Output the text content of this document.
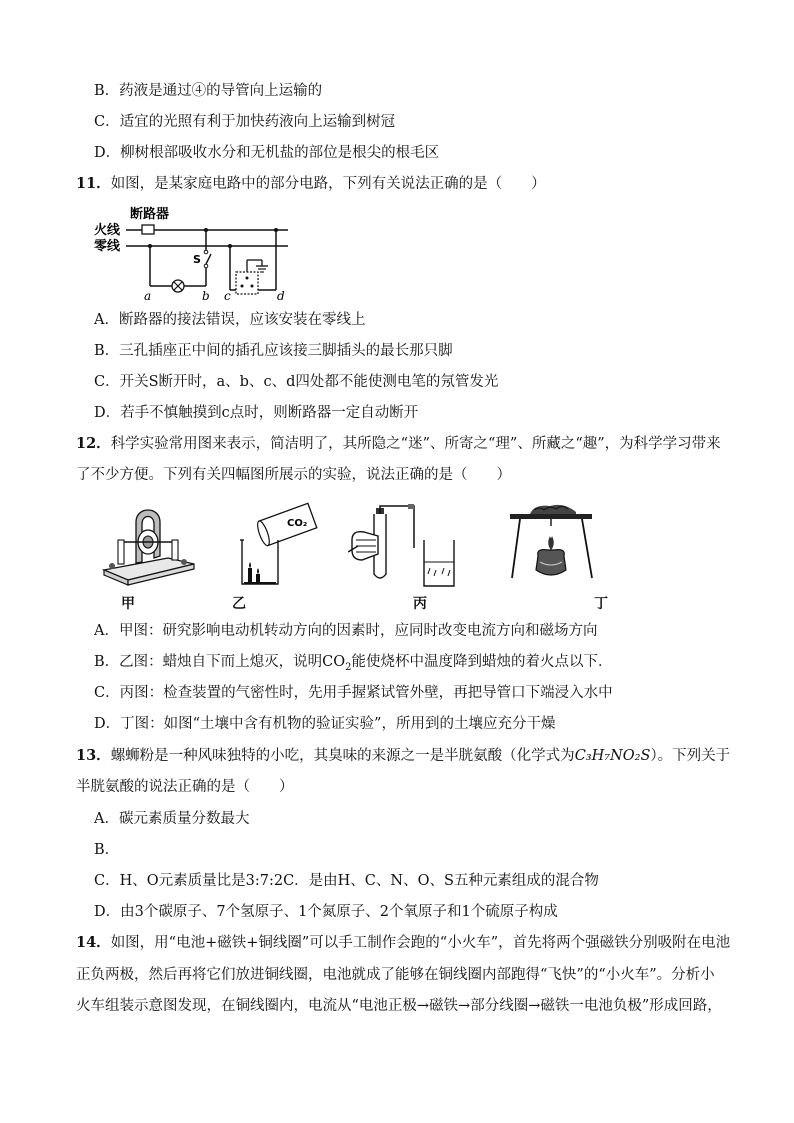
B．药液是通过④的导管向上运输的
C．适宜的光照有利于加快药液向上运输到树冠
D．柳树根部吸收水分和无机盐的部位是根尖的根毛区
11．如图，是某家庭电路中的部分电路，下列有关说法正确的是（　　）
断路器
火线
零线
S
a	b c	d
A．断路器的接法错误，应该安装在零线上
B．三孔插座正中间的插孔应该接三脚插头的最长那只脚
C．开关S断开时，a、b、c、d四处都不能使测电笔的氖管发光
D．若手不慎触摸到c点时，则断路器一定自动断开
12．科学实验常用图来表示，简洁明了，其所隐之“迷”、所寄之“理”、所藏之“趣”，为科学学习带来
了不少方便。下列有关四幅图所展示的实验，说法正确的是（　　）
甲
CO₂
乙	丙	丁
A．甲图：研究影响电动机转动方向的因素时，应同时改变电流方向和磁场方向
B．乙图：蜡烛自下而上熄灭，说明$CO_2$能使烧杯中温度降到蜡烛的着火点以下．
C．丙图：检查装置的气密性时，先用手握紧试管外壁，再把导管口下端浸入水中
D．丁图：如图“土壤中含有机物的验证实验”，所用到的土壤应充分干燥
13．螺蛳粉是一种风味独特的小吃，其臭味的来源之一是半胱氨酸（化学式为C₃H₇NO₂S）。下列关于
半胱氨酸的说法正确的是（　　）
A．碳元素质量分数最大
B．
C．H、O元素质量比是3:7:2C．是由H、C、N、O、S五种元素组成的混合物
D．由3个碳原子、7个氢原子、1个氮原子、2个氧原子和1个硫原子构成
14．如图，用“电池+磁铁+铜线圈”可以手工制作会跑的“小火车”，首先将两个强磁铁分别吸附在电池
正负两极，然后再将它们放进铜线圈，电池就成了能够在铜线圈内部跑得“飞快”的“小火车”。分析小
火车组装示意图发现，在铜线圈内，电流从“电池正极→磁铁→部分线圈→磁铁一电池负极”形成回路，
